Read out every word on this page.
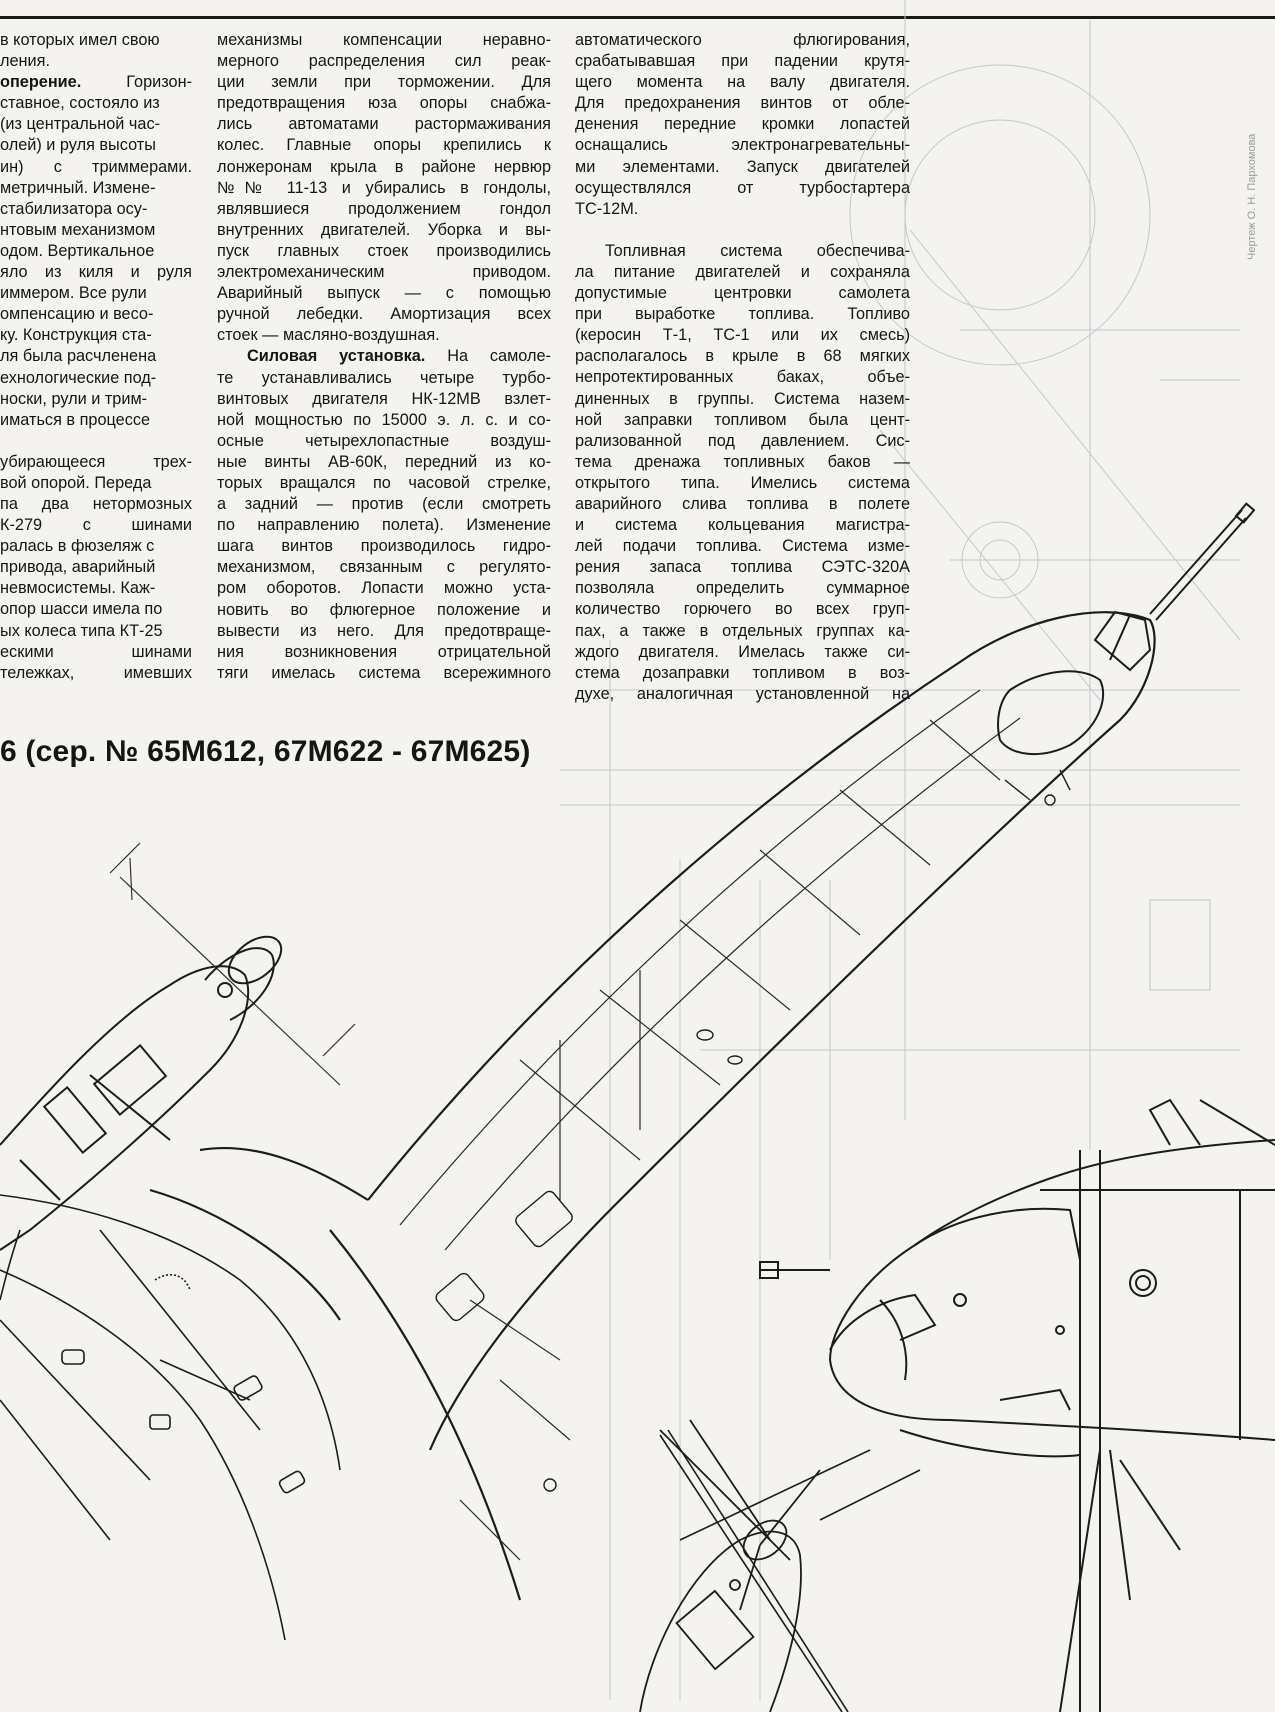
в которых имел свою
ления.
оперение. Горизон-
ставное, состояло из
(из центральной час-
олей) и руля высоты
ин) с триммерами.
метричный. Измене-
стабилизатора осу-
нтовым механизмом
одом. Вертикальное
яло из киля и руля
иммером. Все рули
омпенсацию и весо-
ку. Конструкция ста-
ля была расчленена
ехнологические под-
носки, рули и трим-
иматься в процессе
убирающееся трех-
вой опорой. Переда
па два нетормозных
К-279 с шинами
ралась в фюзеляж с
привода, аварийный
невмосистемы. Каж-
опор шасси имела по
ых колеса типа КТ-25
ескими шинами
тележках, имевших
механизмы компенсации неравно-
мерного распределения сил реак-
ции земли при торможении. Для
предотвращения юза опоры снабжа-
лись автоматами растормаживания
колес. Главные опоры крепились к
лонжеронам крыла в районе нервюр
№№ 11-13 и убирались в гондолы,
являвшиеся продолжением гондол
внутренних двигателей. Уборка и вы-
пуск главных стоек производились
электромеханическим приводом.
Аварийный выпуск — с помощью
ручной лебедки. Амортизация всех
стоек — масляно-воздушная.
Силовая установка. На самоле-
те устанавливались четыре турбо-
винтовых двигателя НК-12МВ взлет-
ной мощностью по 15000 э. л. с. и со-
осные четырехлопастные воздуш-
ные винты АВ-60К, передний из ко-
торых вращался по часовой стрелке,
а задний — против (если смотреть
по направлению полета). Изменение
шага винтов производилось гидро-
механизмом, связанным с регулято-
ром оборотов. Лопасти можно уста-
новить во флюгерное положение и
вывести из него. Для предотвраще-
ния возникновения отрицательной
тяги имелась система всережимного
автоматического флюгирования,
срабатывавшая при падении крутя-
щего момента на валу двигателя.
Для предохранения винтов от обле-
денения передние кромки лопастей
оснащались электронагревательны-
ми элементами. Запуск двигателей
осуществлялся от турбостартера
ТС-12М.
Топливная система обеспечива-
ла питание двигателей и сохраняла
допустимые центровки самолета
при выработке топлива. Топливо
(керосин Т-1, ТС-1 или их смесь)
располагалось в крыле в 68 мягких
непротектированных баках, объе-
диненных в группы. Система назем-
ной заправки топливом была цент-
рализованной под давлением. Сис-
тема дренажа топливных баков —
открытого типа. Имелись система
аварийного слива топлива в полете
и система кольцевания магистра-
лей подачи топлива. Система изме-
рения запаса топлива СЭТС-320А
позволяла определить суммарное
количество горючего во всех груп-
пах, а также в отдельных группах ка-
ждого двигателя. Имелась также си-
стема дозаправки топливом в воз-
духе, аналогичная установленной на
6 (сер. № 65М612, 67М622 - 67М625)
Чертеж О. Н. Пархомова
